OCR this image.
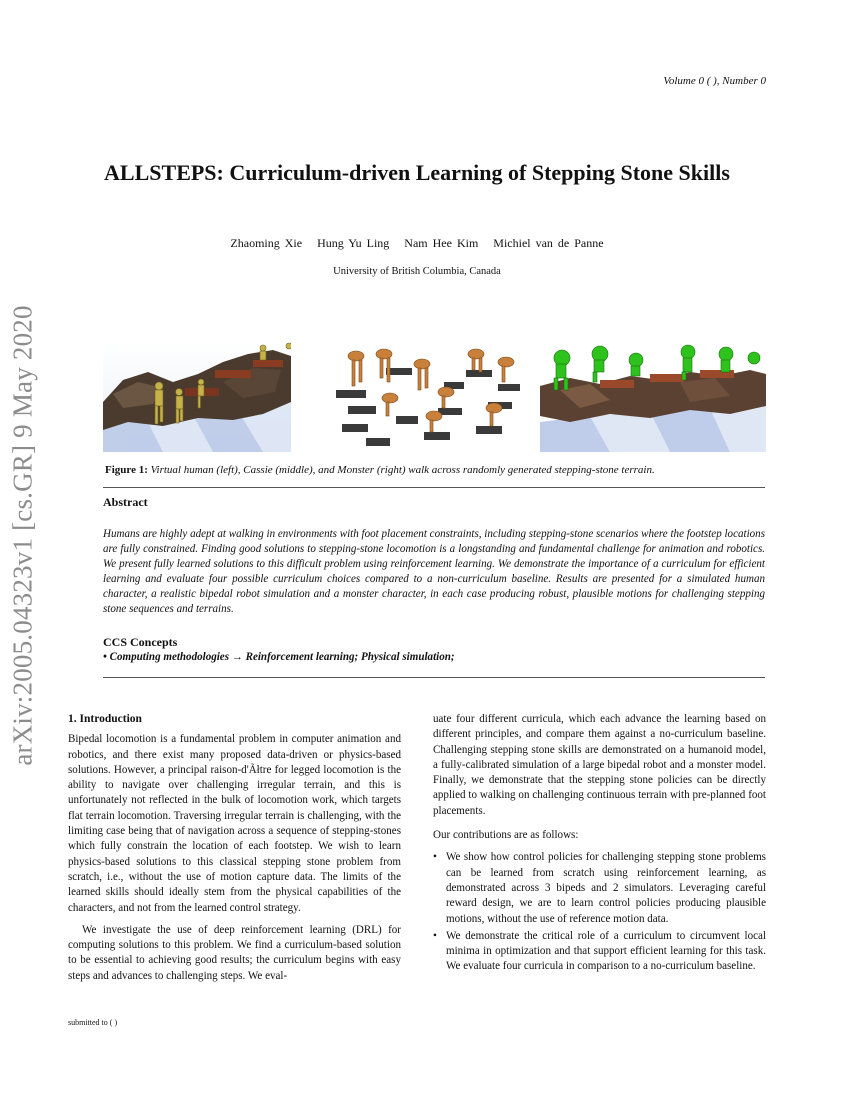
arXiv:2005.04323v1 [cs.GR] 9 May 2020
Volume 0 ( ), Number 0
ALLSTEPS: Curriculum-driven Learning of Stepping Stone Skills
Zhaoming Xie Hung Yu Ling Nam Hee Kim Michiel van de Panne
University of British Columbia, Canada
Figure 1: Virtual human (left), Cassie (middle), and Monster (right) walk across randomly generated stepping-stone terrain.
Abstract
Humans are highly adept at walking in environments with foot placement constraints, including stepping-stone scenarios where the footstep locations are fully constrained. Finding good solutions to stepping-stone locomotion is a longstanding and fundamental challenge for animation and robotics. We present fully learned solutions to this difficult problem using reinforcement learning. We demonstrate the importance of a curriculum for efficient learning and evaluate four possible curriculum choices compared to a non-curriculum baseline. Results are presented for a simulated human character, a realistic bipedal robot simulation and a monster character, in each case producing robust, plausible motions for challenging stepping stone sequences and terrains.
CCS Concepts
• Computing methodologies → Reinforcement learning; Physical simulation;
1. Introduction

Bipedal locomotion is a fundamental problem in computer animation and robotics, and there exist many proposed data-driven or physics-based solutions. However, a principal raison-d'Ãłtre for legged locomotion is the ability to navigate over challenging irregular terrain, and this is unfortunately not reflected in the bulk of locomotion work, which targets flat terrain locomotion. Traversing irregular terrain is challenging, with the limiting case being that of navigation across a sequence of stepping-stones which fully constrain the location of each footstep. We wish to learn physics-based solutions to this classical stepping stone problem from scratch, i.e., without the use of motion capture data. The limits of the learned skills should ideally stem from the physical capabilities of the characters, and not from the learned control strategy.

We investigate the use of deep reinforcement learning (DRL) for computing solutions to this problem. We find a curriculum-based solution to be essential to achieving good results; the curriculum begins with easy steps and advances to challenging steps. We eval-

uate four different curricula, which each advance the learning based on different principles, and compare them against a no-curriculum baseline. Challenging stepping stone skills are demonstrated on a humanoid model, a fully-calibrated simulation of a large bipedal robot and a monster model. Finally, we demonstrate that the stepping stone policies can be directly applied to walking on challenging continuous terrain with pre-planned foot placements.

Our contributions are as follows:

• We show how control policies for challenging stepping stone problems can be learned from scratch using reinforcement learning, as demonstrated across 3 bipeds and 2 simulators. Leveraging careful reward design, we are to learn control policies producing plausible motions, without the use of reference motion data.
• We demonstrate the critical role of a curriculum to circumvent local minima in optimization and that support efficient learning for this task. We evaluate four curricula in comparison to a no-curriculum baseline.
submitted to ( )
